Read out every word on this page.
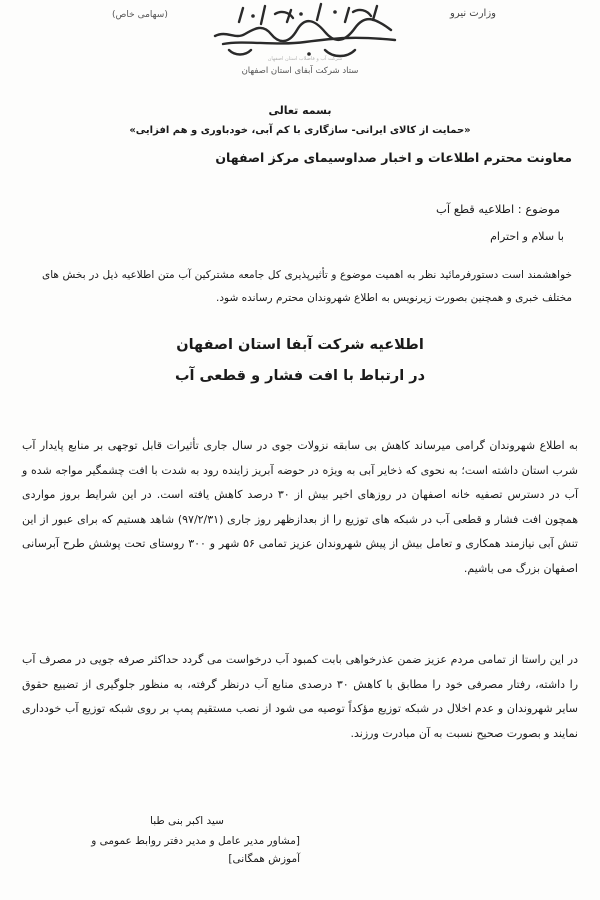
وزارت نیرو
(سهامی خاص)
شرکت آب و فاضلاب استان اصفهان
ستاد شرکت آبفای استان اصفهان
بسمه تعالی
«حمایت از کالای ایرانی- سازگاری با کم آبی، خودباوری و هم افزایی»
معاونت محترم اطلاعات و اخبار صداوسیمای مرکز اصفهان
موضوع : اطلاعیه قطع آب
با سلام و احترام
خواهشمند است دستورفرمائید نظر به اهمیت موضوع و تأثیرپذیری کل جامعه مشترکین آب متن اطلاعیه ذیل در بخش های مختلف خبری و همچنین بصورت زیرنویس به اطلاع شهروندان محترم رسانده شود.
اطلاعیه شرکت آبفا استان اصفهان
در ارتباط با افت فشار و قطعی آب
به اطلاع شهروندان گرامی میرساند کاهش بی سابقه نزولات جوی در سال جاری تأثیرات قابل توجهی بر منابع پایدار آب شرب استان داشته است؛ به نحوی که ذخایر آبی به ویژه در حوضه آبریز زاینده رود به شدت با افت چشمگیر مواجه شده و آب در دسترس تصفیه خانه اصفهان در روزهای اخیر بیش از ۳۰ درصد کاهش یافته است. در این شرایط بروز مواردی همچون افت فشار و قطعی آب در شبکه های توزیع را از بعدازظهر روز جاری (۹۷/۲/۳۱) شاهد هستیم که برای عبور از این تنش آبی نیازمند همکاری و تعامل بیش از پیش شهروندان عزیز تمامی ۵۶ شهر و ۳۰۰ روستای تحت پوشش طرح آبرسانی اصفهان بزرگ می باشیم.
در این راستا از تمامی مردم عزیز ضمن عذرخواهی بابت کمبود آب درخواست می گردد حداکثر صرفه جویی در مصرف آب را داشته، رفتار مصرفی خود را مطابق با کاهش ۳۰ درصدی منابع آب درنظر گرفته، به منظور جلوگیری از تضییع حقوق سایر شهروندان و عدم اخلال در شبکه توزیع مؤکداً توصیه می شود از نصب مستقیم پمپ بر روی شبکه توزیع آب خودداری نمایند و بصورت صحیح نسبت به آن مبادرت ورزند.
سید اکبر بنی طبا
[مشاور مدیر عامل و مدیر دفتر روابط عمومی و آموزش همگانی]
